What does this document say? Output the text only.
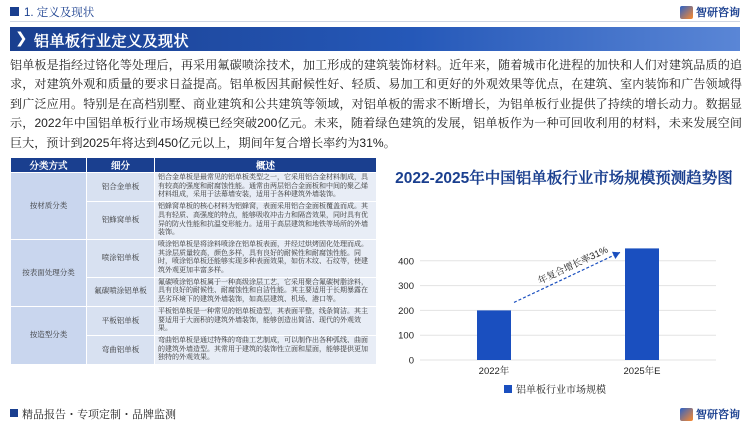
1. 定义及现状	智研咨询
❯ 铝单板行业定义及现状
铝单板是指经过铬化等处理后，再采用氟碳喷涂技术，加工形成的建筑装饰材料。近年来，随着城市化进程的加快和人们对建筑品质的追求，对建筑外观和质量的要求日益提高。铝单板因其耐候性好、轻质、易加工和更好的外观效果等优点，在建筑、室内装饰和广告领域得到广泛应用。特别是在高档别墅、商业建筑和公共建筑等领域，对铝单板的需求不断增长，为铝单板行业提供了持续的增长动力。数据显示，2022年中国铝单板行业市场规模已经突破200亿元。未来，随着绿色建筑的发展，铝单板作为一种可回收利用的材料，未来发展空间巨大，预计到2025年将达到450亿元以上，期间年复合增长率约为31%。
分类方式	细分	概述
按材质分类	铝合金单板	铝合金单板是最常见的铝单板类型之一，它采用铝合金材料制成，具有较高的强度和耐腐蚀性能。通常由两层铝合金面板和中间的聚乙烯材料组成，采用于法幕墙安装，适用于各种建筑外墙装饰。
	铝蜂窝单板	铝蜂窝单板的核心材料为铝蜂窝，表面采用铝合金面板覆盖而成。其具有轻质、高强度的特点，能够吸收冲击力和隔音效果，同时具有优异的防火性能和抗温变形能力。适用于高层建筑和地铁等场所的外墙装饰。
按表面处理分类	喷涂铝单板	喷涂铝单板是将涂料喷涂在铝单板表面，并经过烘烤固化处理而成。其涂层质量较高，颜色多样，具有良好的耐候性和耐腐蚀性能。同时，喷涂铝单板还能够实现多种表面效果，如仿木纹、石纹等，使建筑外观更加丰富多样。
	氟碳喷涂铝单板	氟碳喷涂铝单板属于一种高级涂层工艺，它采用聚合氟碳树脂涂料，具有良好的耐候性、耐腐蚀性和自洁性能。其主要适用于长期暴露在恶劣环境下的建筑外墙装饰，如高层建筑、机场、港口等。
按造型分类	平板铝单板	平板铝单板是一种常见的铝单板造型，其表面平整，线条简洁。其主要适用于大面积的建筑外墙装饰，能够创造出简洁、现代的外观效果。
	弯曲铝单板	弯曲铝单板是通过特殊的弯曲工艺制成，可以制作出各种弧线、曲面的建筑外墙造型。其常用于建筑的装饰性立面和屋面，能够提供更加独特的外观效果。
2022-2025年中国铝单板行业市场规模预测趋势图
0
100
200
300
400
2022年	2025年E
年复合增长率31%
铝单板行业市场规模
精品报告・专项定制・品牌监测	智研咨询
